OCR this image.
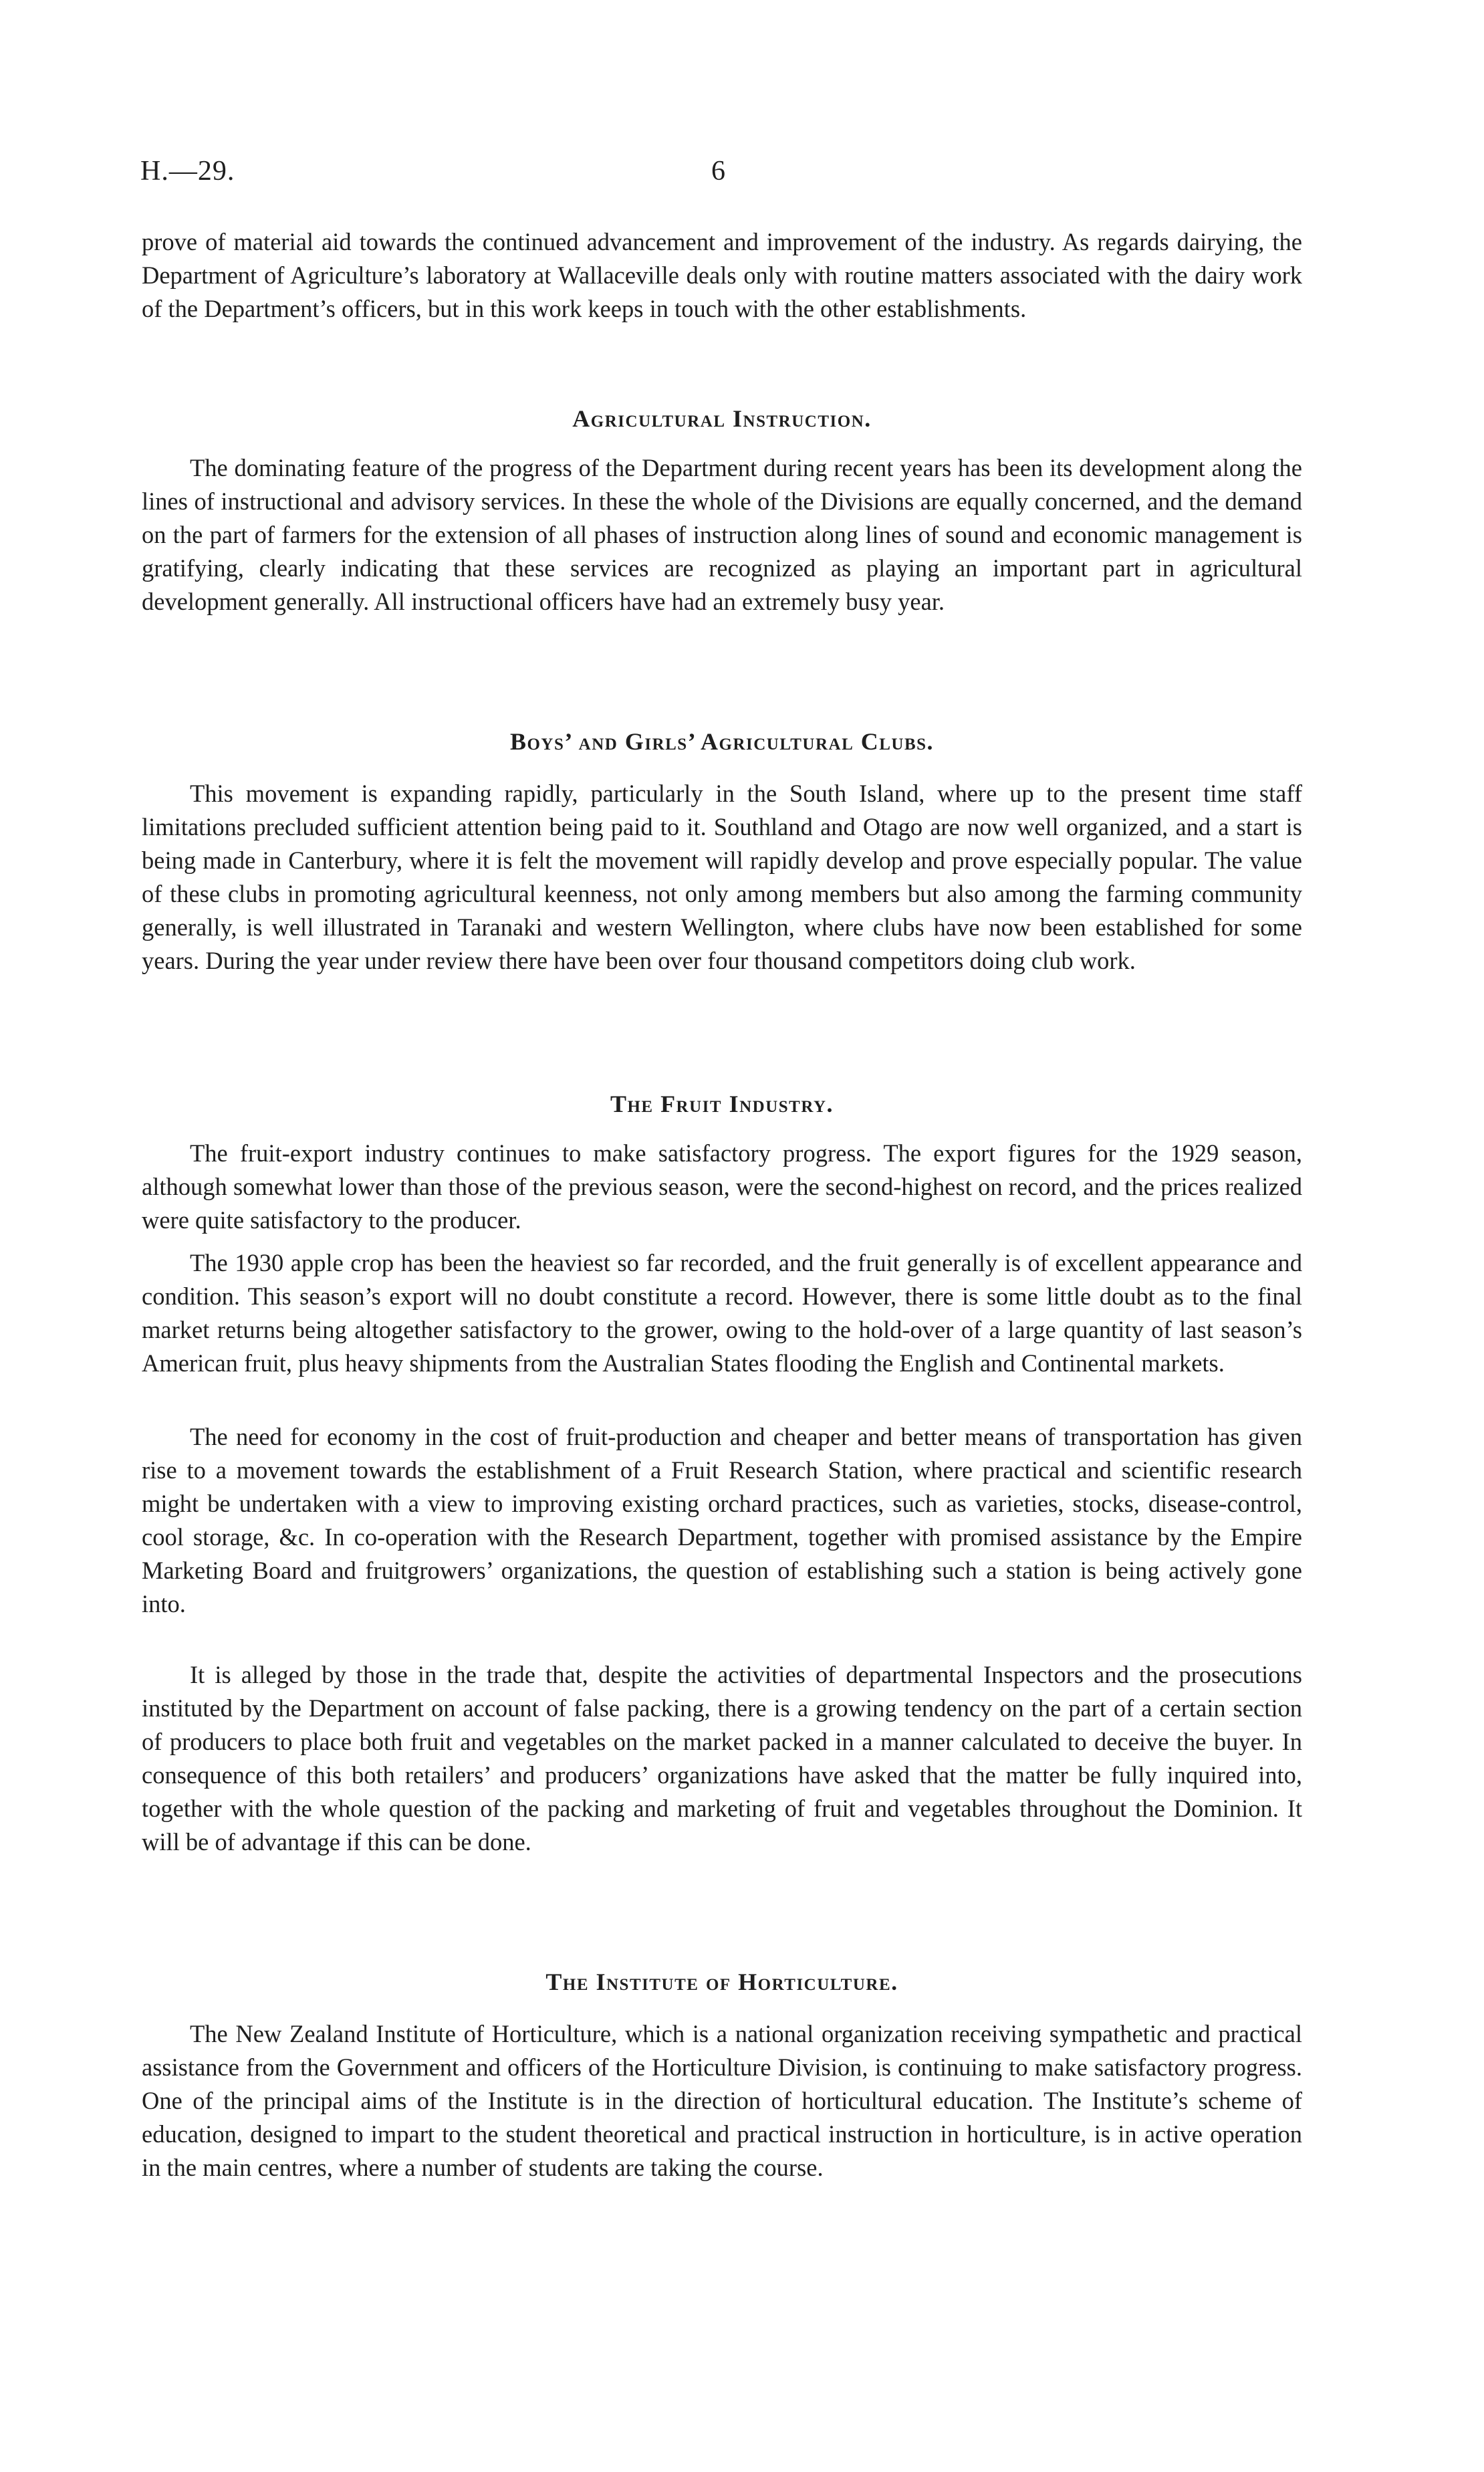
H.—29.	6

prove of material aid towards the continued advancement and improvement of the industry. As regards dairying, the Department of Agriculture’s laboratory at Wallaceville deals only with routine matters associated with the dairy work of the Department’s officers, but in this work keeps in touch with the other establishments.

Agricultural Instruction.

The dominating feature of the progress of the Department during recent years has been its development along the lines of instructional and advisory services. In these the whole of the Divisions are equally concerned, and the demand on the part of farmers for the extension of all phases of instruction along lines of sound and economic management is gratifying, clearly indicating that these services are recognized as playing an important part in agricultural development generally. All instructional officers have had an extremely busy year.

Boys’ and Girls’ Agricultural Clubs.

This movement is expanding rapidly, particularly in the South Island, where up to the present time staff limitations precluded sufficient attention being paid to it. Southland and Otago are now well organized, and a start is being made in Canterbury, where it is felt the movement will rapidly develop and prove especially popular. The value of these clubs in promoting agricultural keenness, not only among members but also among the farming community generally, is well illustrated in Taranaki and western Wellington, where clubs have now been established for some years. During the year under review there have been over four thousand competitors doing club work.

The Fruit Industry.

The fruit-export industry continues to make satisfactory progress. The export figures for the 1929 season, although somewhat lower than those of the previous season, were the second-highest on record, and the prices realized were quite satisfactory to the producer.

The 1930 apple crop has been the heaviest so far recorded, and the fruit generally is of excellent appearance and condition. This season’s export will no doubt constitute a record. However, there is some little doubt as to the final market returns being altogether satisfactory to the grower, owing to the hold-over of a large quantity of last season’s American fruit, plus heavy shipments from the Australian States flooding the English and Continental markets.

The need for economy in the cost of fruit-production and cheaper and better means of transportation has given rise to a movement towards the establishment of a Fruit Research Station, where practical and scientific research might be undertaken with a view to improving existing orchard practices, such as varieties, stocks, disease-control, cool storage, &c. In co-operation with the Research Department, together with promised assistance by the Empire Marketing Board and fruitgrowers’ organizations, the question of establishing such a station is being actively gone into.

It is alleged by those in the trade that, despite the activities of departmental Inspectors and the prosecutions instituted by the Department on account of false packing, there is a growing tendency on the part of a certain section of producers to place both fruit and vegetables on the market packed in a manner calculated to deceive the buyer. In consequence of this both retailers’ and producers’ organizations have asked that the matter be fully inquired into, together with the whole question of the packing and marketing of fruit and vegetables throughout the Dominion. It will be of advantage if this can be done.

The Institute of Horticulture.

The New Zealand Institute of Horticulture, which is a national organization receiving sympathetic and practical assistance from the Government and officers of the Horticulture Division, is continuing to make satisfactory progress. One of the principal aims of the Institute is in the direction of horticultural education. The Institute’s scheme of education, designed to impart to the student theoretical and practical instruction in horticulture, is in active operation in the main centres, where a number of students are taking the course.
